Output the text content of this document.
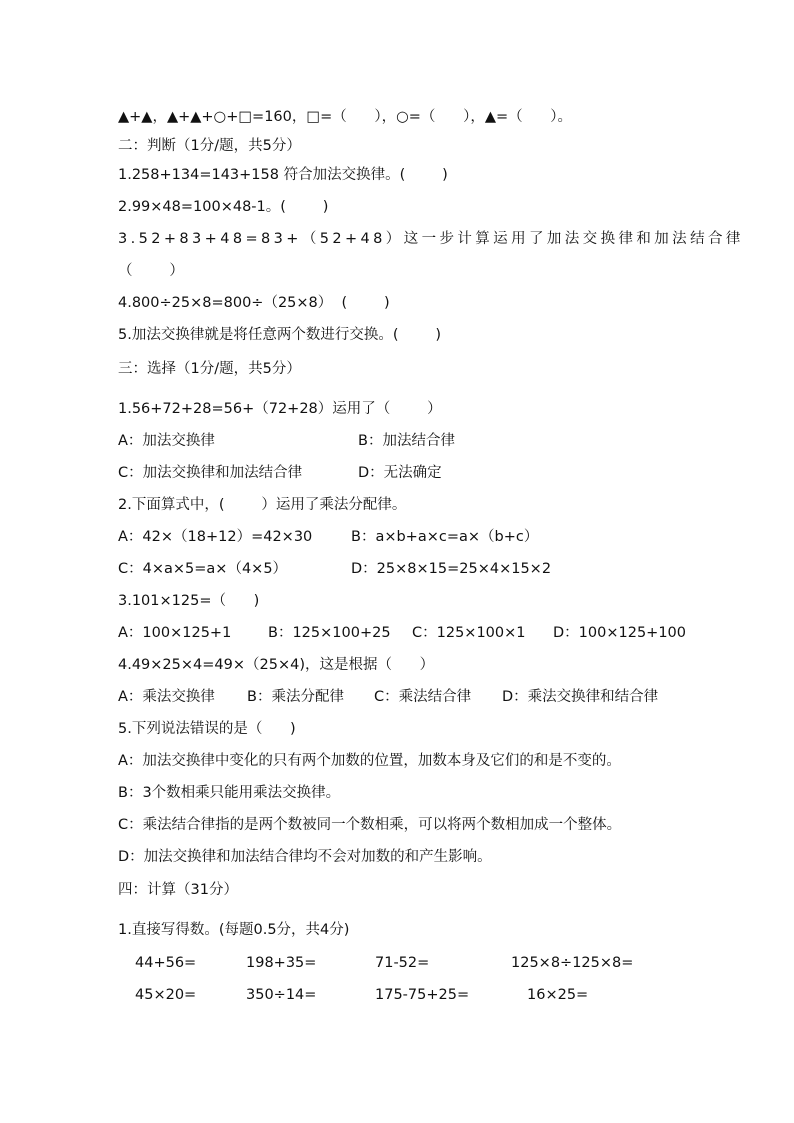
▲+▲，▲+▲+○+□=160，□=（      ），○=（      ），▲=（      ）。
二：判断（1分/题，共5分）
1.258+134=143+158 符合加法交换律。(        )
2.99×48=100×48-1。(        )
3.52+83+48=83+（52+48）这一步计算运用了加法交换律和加法结合律
（        ）
4.800÷25×8=800÷（25×8）  (        )
5.加法交换律就是将任意两个数进行交换。(        )
三：选择（1分/题，共5分）
1.56+72+28=56+（72+28）运用了（        ）
A：加法交换律	B：加法结合律
C：加法交换律和加法结合律	D：无法确定
2.下面算式中，(        ）运用了乘法分配律。
A：42×（18+12）=42×30	B：a×b+a×c=a×（b+c）
C：4×a×5=a×（4×5）	D：25×8×15=25×4×15×2
3.101×125=（      )
A：100×125+1	B：125×100+25 C：125×100×1 D：100×125+100
4.49×25×4=49×（25×4)，这是根据（      ）
A：乘法交换律 B：乘法分配律 C：乘法结合律 D：乘法交换律和结合律
5.下列说法错误的是（      )
A：加法交换律中变化的只有两个加数的位置，加数本身及它们的和是不变的。
B：3个数相乘只能用乘法交换律。
C：乘法结合律指的是两个数被同一个数相乘，可以将两个数相加成一个整体。
D：加法交换律和加法结合律均不会对加数的和产生影响。
四：计算（31分）
1.直接写得数。(每题0.5分，共4分)
44+56=	198+35=	71-52=	125×8÷125×8=
45×20=	350÷14=	175-75+25=	16×25=
